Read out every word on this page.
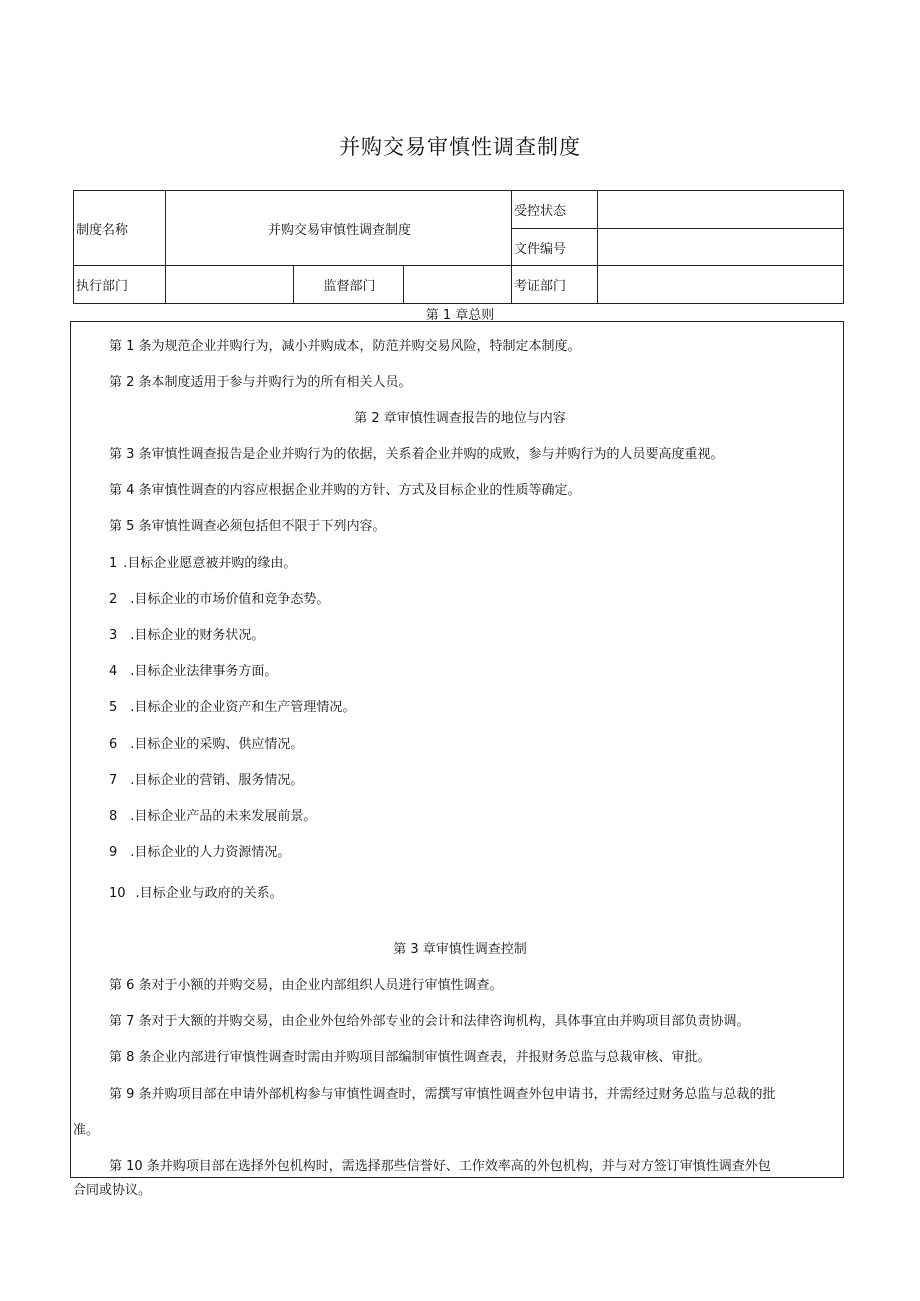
并购交易审慎性调查制度
制度名称	并购交易审慎性调查制度			受控状态	
				文件编号	
执行部门		监督部门		考证部门	
第 1 章总则
第 1 条为规范企业并购行为，减小并购成本，防范并购交易风险，特制定本制度。
第 2 条本制度适用于参与并购行为的所有相关人员。
第 2 章审慎性调查报告的地位与内容
第 3 条审慎性调查报告是企业并购行为的依据，关系着企业并购的成败，参与并购行为的人员要高度重视。
第 4 条审慎性调查的内容应根据企业并购的方针、方式及目标企业的性质等确定。
第 5 条审慎性调查必须包括但不限于下列内容。
1 .目标企业愿意被并购的缘由。
2 .目标企业的市场价值和竞争态势。
3 .目标企业的财务状况。
4 .目标企业法律事务方面。
5 .目标企业的企业资产和生产管理情况。
6 .目标企业的采购、供应情况。
7 .目标企业的营销、服务情况。
8 .目标企业产品的未来发展前景。
9 .目标企业的人力资源情况。
10 .目标企业与政府的关系。
第 3 章审慎性调查控制
第 6 条对于小额的并购交易，由企业内部组织人员进行审慎性调查。
第 7 条对于大额的并购交易，由企业外包给外部专业的会计和法律咨询机构，具体事宜由并购项目部负责协调。
第 8 条企业内部进行审慎性调查时需由并购项目部编制审慎性调查表，并报财务总监与总裁审核、审批。
第 9 条并购项目部在申请外部机构参与审慎性调查时，需撰写审慎性调查外包申请书，并需经过财务总监与总裁的批
准。
第 10 条并购项目部在选择外包机构时，需选择那些信誉好、工作效率高的外包机构，并与对方签订审慎性调查外包
合同或协议。
